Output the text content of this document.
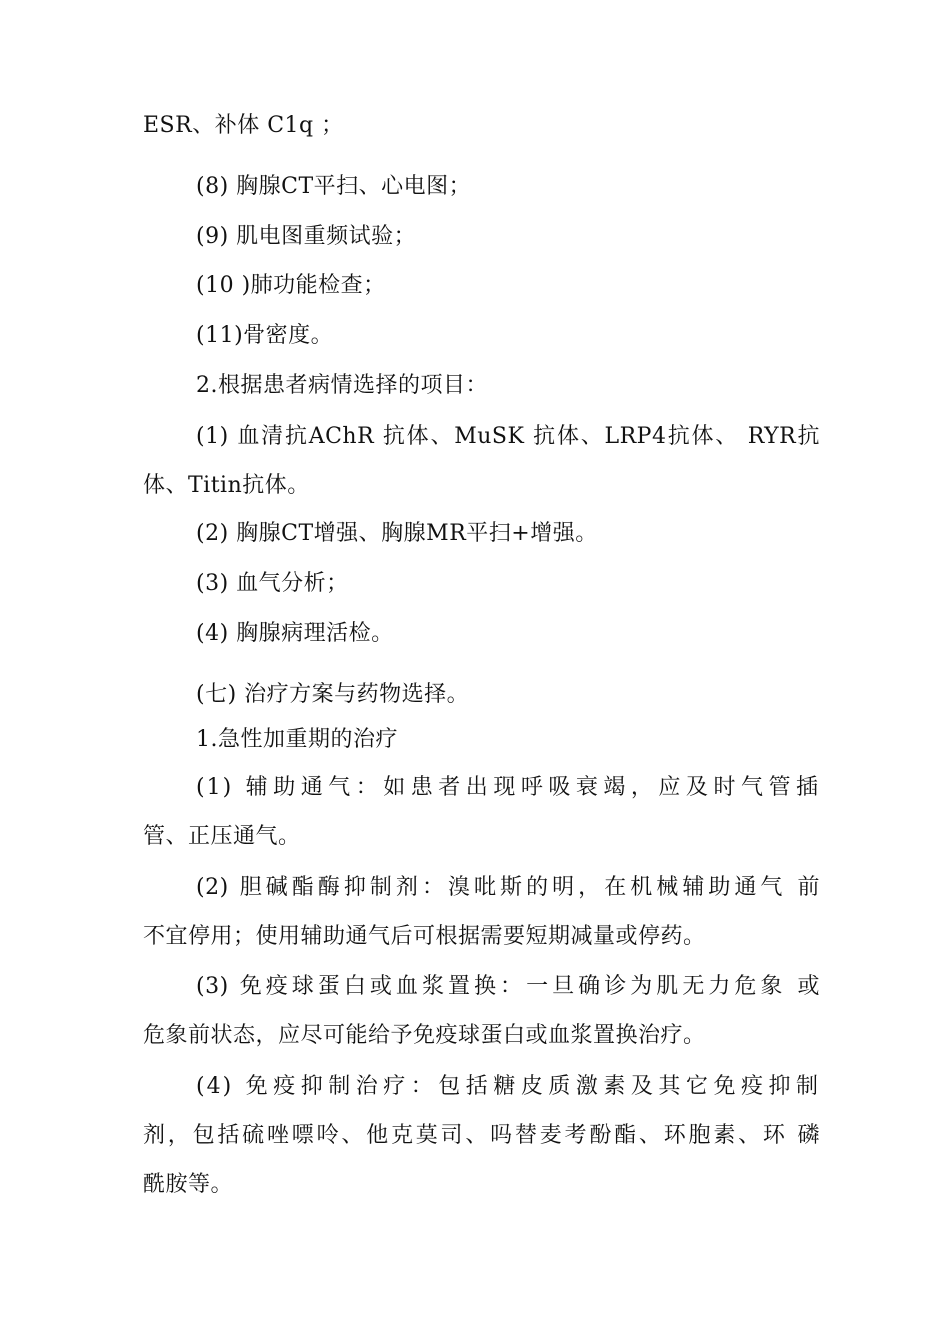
ESR、补体 C1q ；
(8) 胸腺CT平扫、心电图；
(9) 肌电图重频试验；
(10 )肺功能检查；
(11)骨密度。
2.根据患者病情选择的项目：
(1) 血清抗AChR 抗体、MuSK 抗体、LRP4抗体、 RYR抗
体、Titin抗体。
(2) 胸腺CT增强、胸腺MR平扫+增强。
(3) 血气分析；
(4) 胸腺病理活检。
(七) 治疗方案与药物选择。
1.急性加重期的治疗
(1) 辅助通气：如患者出现呼吸衰竭，应及时气管插
管、正压通气。
(2) 胆碱酯酶抑制剂：溴吡斯的明，在机械辅助通气 前
不宜停用；使用辅助通气后可根据需要短期减量或停药。
(3) 免疫球蛋白或血浆置换：一旦确诊为肌无力危象 或
危象前状态，应尽可能给予免疫球蛋白或血浆置换治疗。
(4) 免疫抑制治疗：包括糖皮质激素及其它免疫抑制
剂，包括硫唑嘌呤、他克莫司、吗替麦考酚酯、环胞素、环 磷
酰胺等。
